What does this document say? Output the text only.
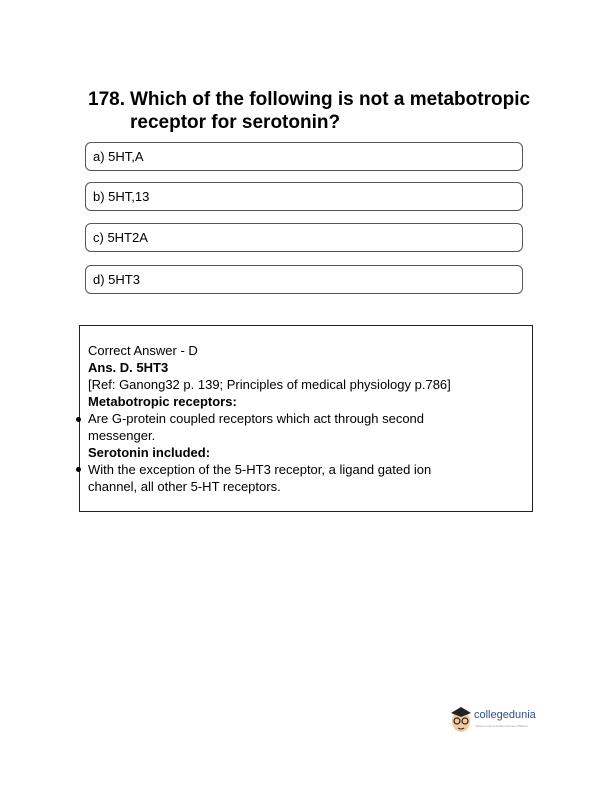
178. Which of the following is not a metabotropic receptor for serotonin?
a) 5HT,A
b) 5HT,13
c) 5HT2A
d) 5HT3
Correct Answer - D
Ans. D. 5HT3
[Ref: Ganong32 p. 139; Principles of medical physiology p.786]
Metabotropic receptors:
Are G-protein coupled receptors which act through second
messenger.
Serotonin included:
With the exception of the 5-HT3 receptor, a ligand gated ion
channel, all other 5-HT receptors.
collegedunia
India's Largest Student Review Platform
